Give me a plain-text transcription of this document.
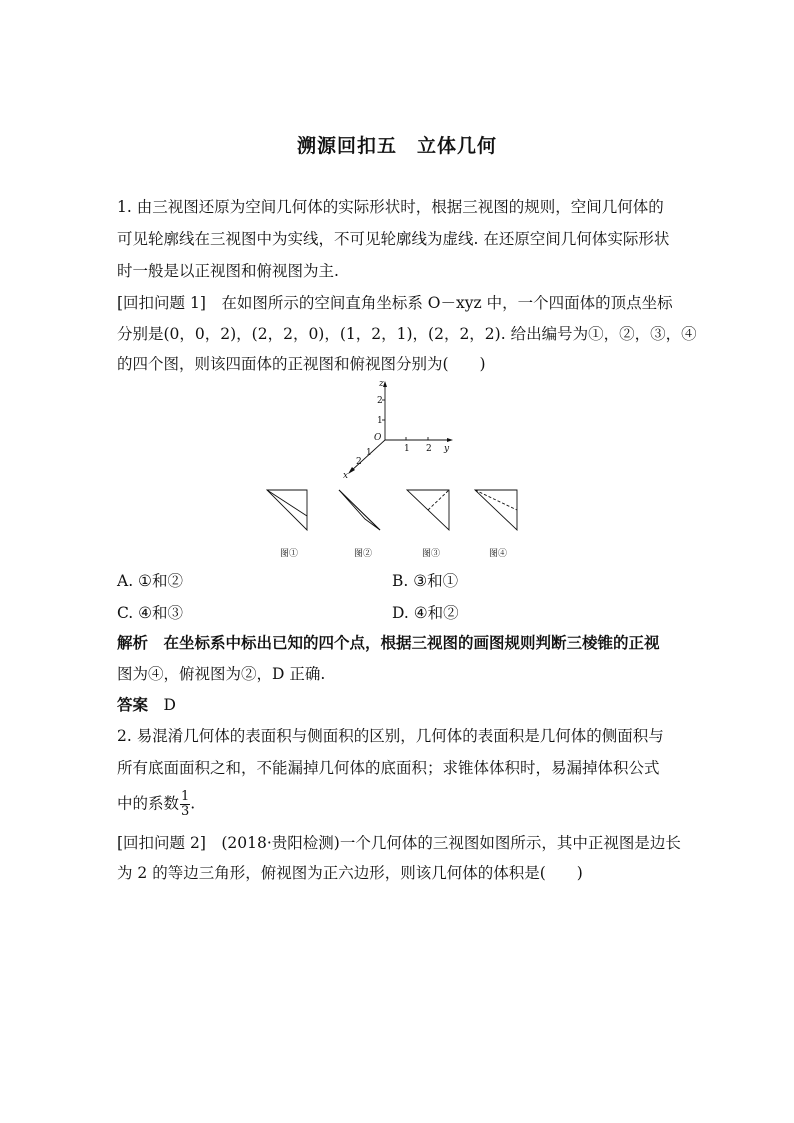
溯源回扣五　立体几何
1. 由三视图还原为空间几何体的实际形状时，根据三视图的规则，空间几何体的
可见轮廓线在三视图中为实线，不可见轮廓线为虚线. 在还原空间几何体实际形状
时一般是以正视图和俯视图为主.
[回扣问题 1]　在如图所示的空间直角坐标系 O－xyz 中，一个四面体的顶点坐标
分别是(0，0，2)，(2，2，0)，(1，2，1)，(2，2，2). 给出编号为①，②，③，④
的四个图，则该四面体的正视图和俯视图分别为(　　)
z
2
1
O
1 2 y
1
2
x
图①	图②	图③	图④
A. ①和②	B. ③和①
C. ④和③	D. ④和②
解析　 在坐标系中标出已知的四个点，根据三视图的画图规则判断三棱锥的正视
图为④，俯视图为②，D 正确.
答案　 D
2. 易混淆几何体的表面积与侧面积的区别，几何体的表面积是几何体的侧面积与
所有底面面积之和，不能漏掉几何体的底面积；求锥体体积时，易漏掉体积公式
中的系数 $\frac{1}{3}$ .
[回扣问题 2]　(2018·贵阳检测)一个几何体的三视图如图所示，其中正视图是边长
为 2 的等边三角形，俯视图为正六边形，则该几何体的体积是(　　)
